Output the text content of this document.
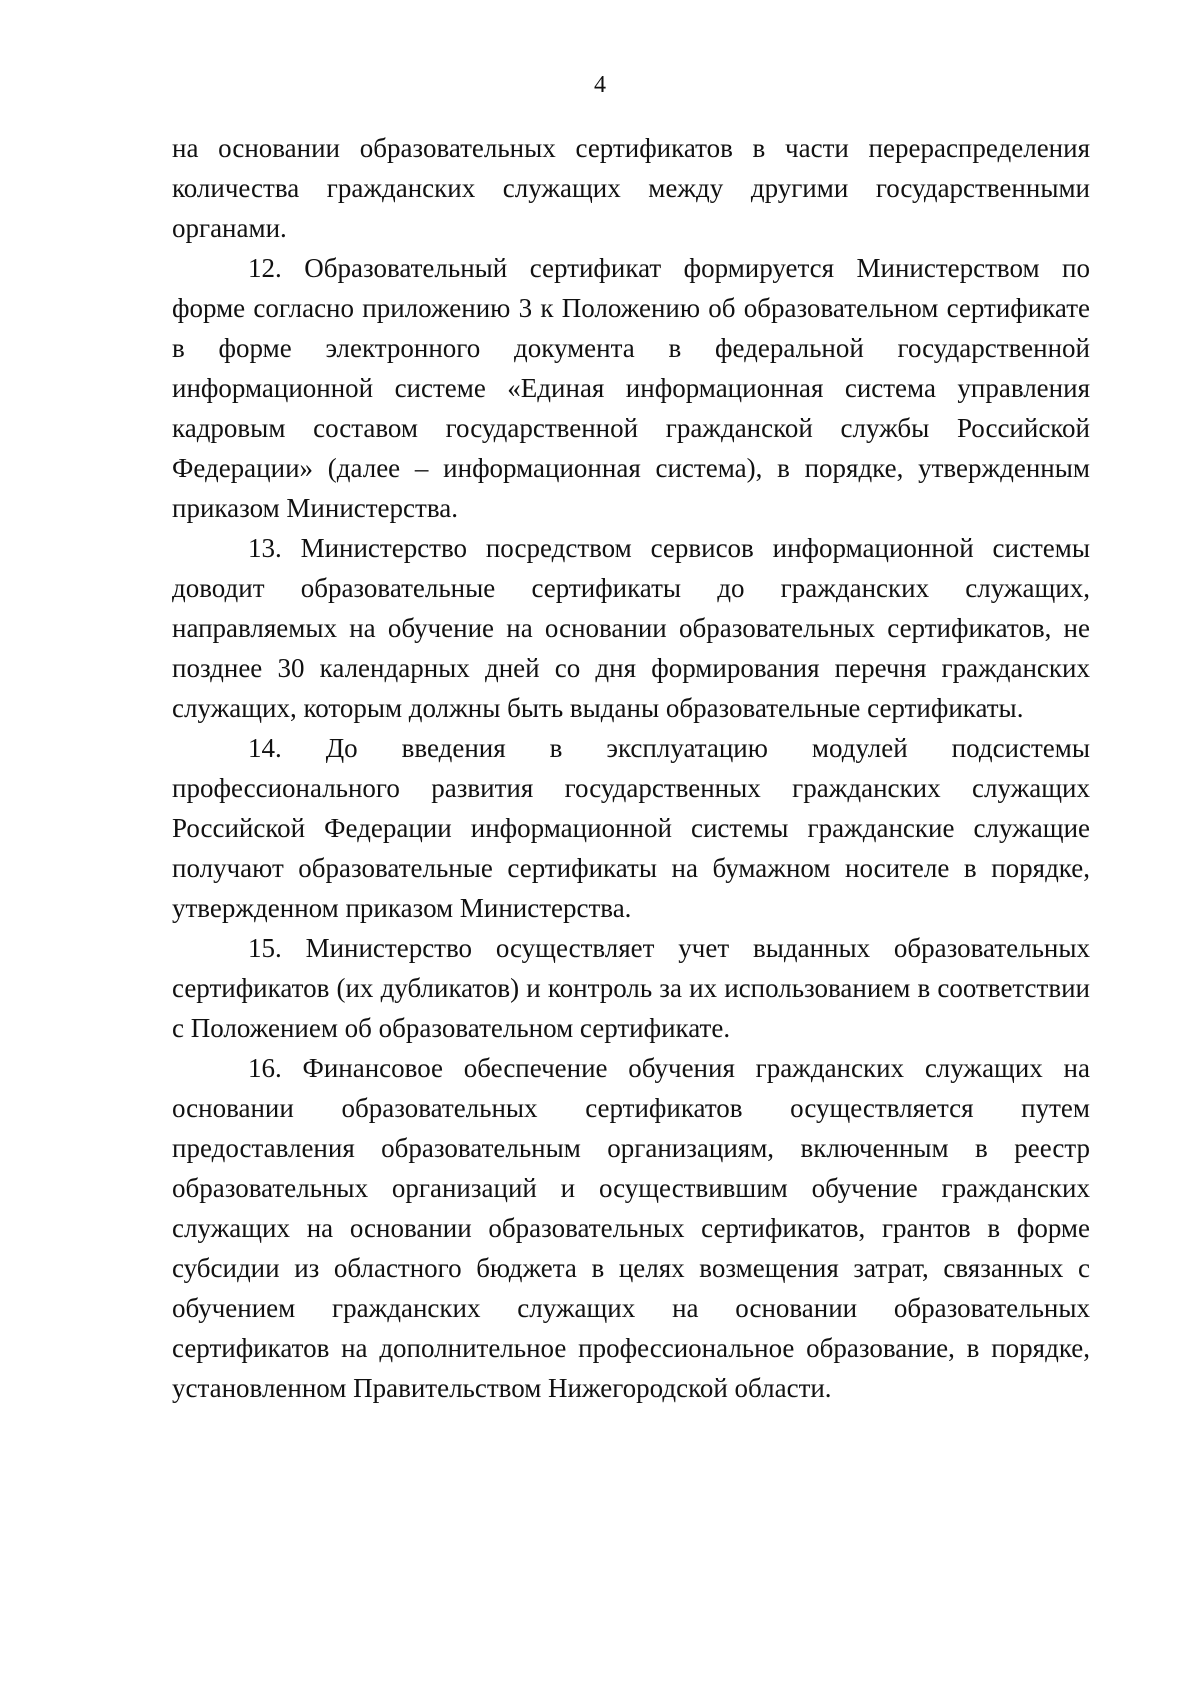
4

на основании образовательных сертификатов в части перераспределения количества гражданских служащих между другими государственными органами.

12. Образовательный сертификат формируется Министерством по форме согласно приложению 3 к Положению об образовательном сертификате в форме электронного документа в федеральной государственной информационной системе «Единая информационная система управления кадровым составом государственной гражданской службы Российской Федерации» (далее – информационная система), в порядке, утвержденным приказом Министерства.

13. Министерство посредством сервисов информационной системы доводит образовательные сертификаты до гражданских служащих, направляемых на обучение на основании образовательных сертификатов, не позднее 30 календарных дней со дня формирования перечня гражданских служащих, которым должны быть выданы образовательные сертификаты.

14. До введения в эксплуатацию модулей подсистемы профессионального развития государственных гражданских служащих Российской Федерации информационной системы гражданские служащие получают образовательные сертификаты на бумажном носителе в порядке, утвержденном приказом Министерства.

15. Министерство осуществляет учет выданных образовательных сертификатов (их дубликатов) и контроль за их использованием в соответствии с Положением об образовательном сертификате.

16. Финансовое обеспечение обучения гражданских служащих на основании образовательных сертификатов осуществляется путем предоставления образовательным организациям, включенным в реестр образовательных организаций и осуществившим обучение гражданских служащих на основании образовательных сертификатов, грантов в форме субсидии из областного бюджета в целях возмещения затрат, связанных с обучением гражданских служащих на основании образовательных сертификатов на дополнительное профессиональное образование, в порядке, установленном Правительством Нижегородской области.
